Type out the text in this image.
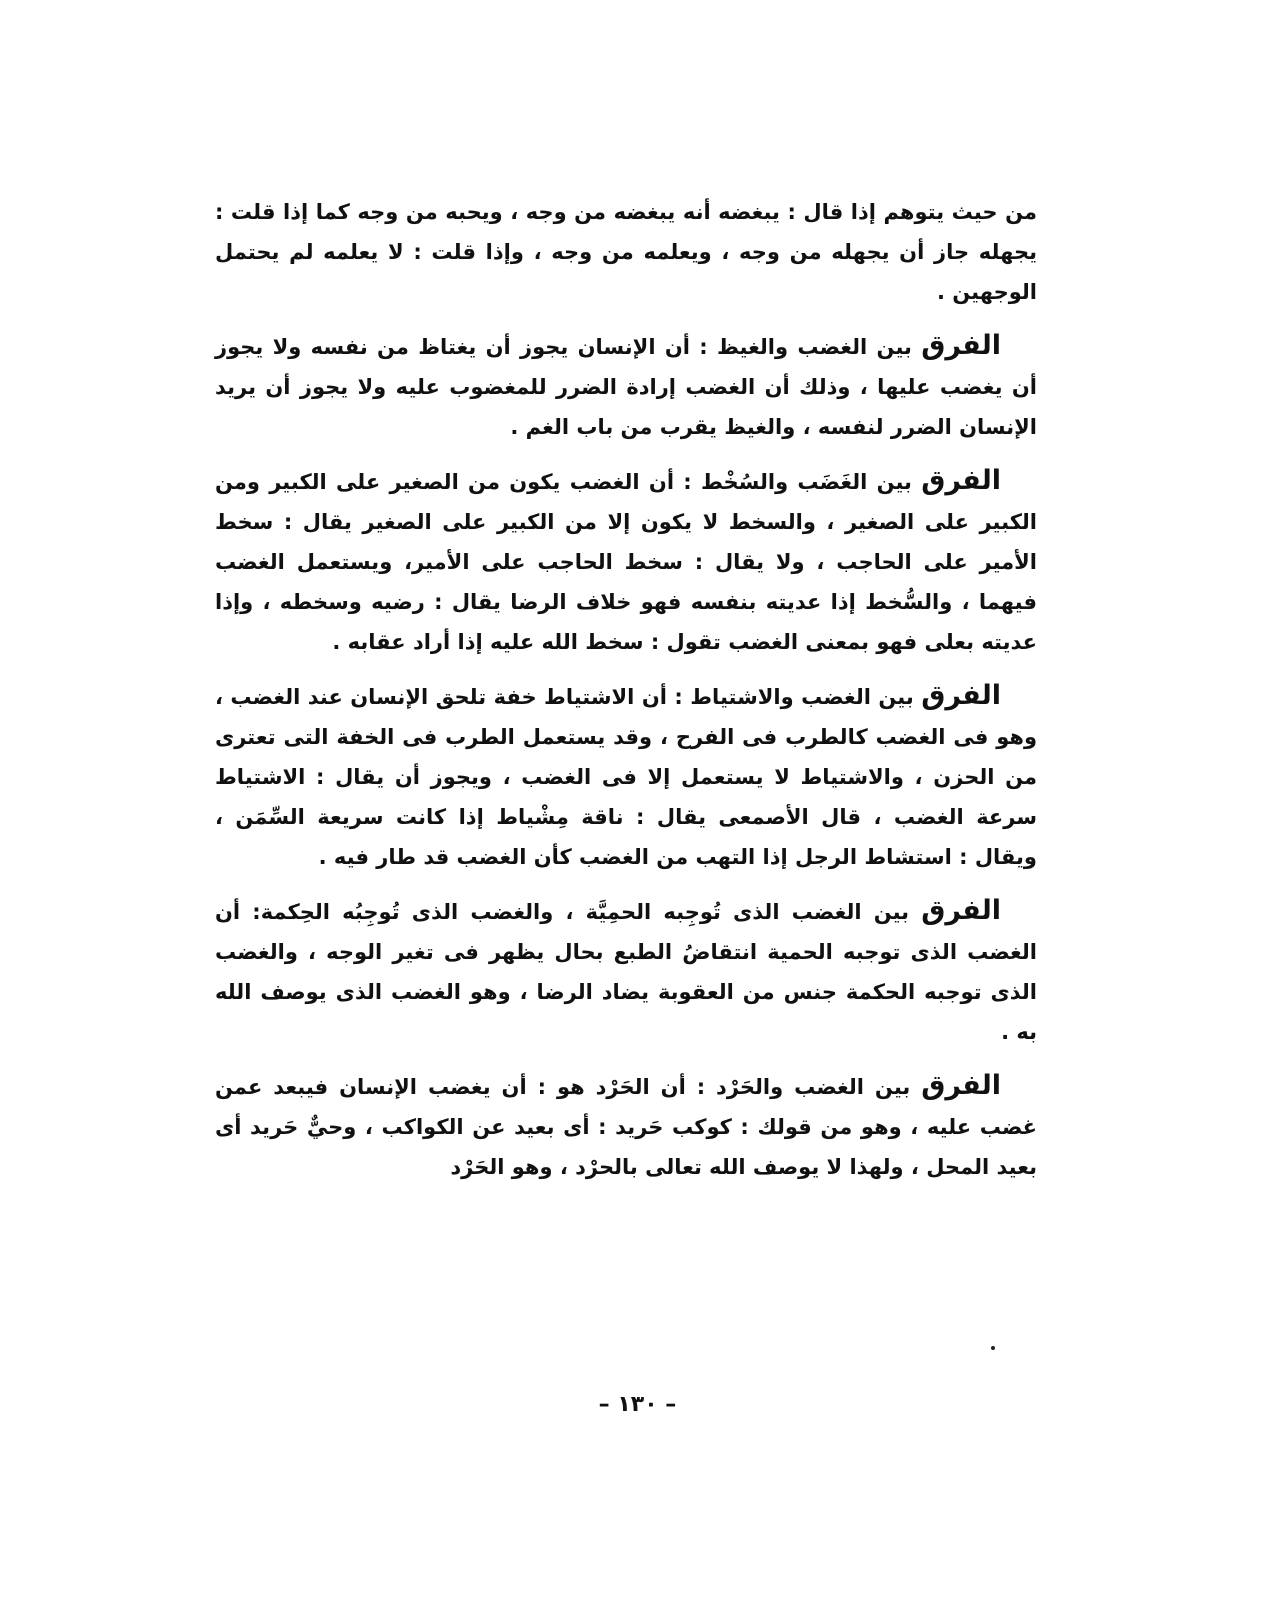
من حيث يتوهم إذا قال : يبغضه أنه يبغضه من وجه ، ويحبه من وجه كما إذا قلت : يجهله جاز أن يجهله من وجه ، ويعلمه من وجه ، وإذا قلت : لا يعلمه لم يحتمل الوجهين .

الفرق بين الغضب والغيظ : أن الإنسان يجوز أن يغتاظ من نفسه ولا يجوز أن يغضب عليها ، وذلك أن الغضب إرادة الضرر للمغضوب عليه ولا يجوز أن يريد الإنسان الضرر لنفسه ، والغيظ يقرب من باب الغم .

الفرق بين الغَضَب والسُخْط : أن الغضب يكون من الصغير على الكبير ومن الكبير على الصغير ، والسخط لا يكون إلا من الكبير على الصغير يقال : سخط الأمير على الحاجب ، ولا يقال : سخط الحاجب على الأمير، ويستعمل الغضب فيهما ، والسُّخط إذا عديته بنفسه فهو خلاف الرضا يقال : رضيه وسخطه ، وإذا عديته بعلى فهو بمعنى الغضب تقول : سخط الله عليه إذا أراد عقابه .

الفرق بين الغضب والاشتياط : أن الاشتياط خفة تلحق الإنسان عند الغضب ، وهو فى الغضب كالطرب فى الفرح ، وقد يستعمل الطرب فى الخفة التى تعترى من الحزن ، والاشتياط لا يستعمل إلا فى الغضب ، ويجوز أن يقال : الاشتياط سرعة الغضب ، قال الأصمعى يقال : ناقة مِشْياط إذا كانت سريعة السِّمَن ، ويقال : استشاط الرجل إذا التهب من الغضب كأن الغضب قد طار فيه .

الفرق بين الغضب الذى تُوجِبه الحمِيَّة ، والغضب الذى تُوجِبُه الحِكمة: أن الغضب الذى توجبه الحمية انتقاضُ الطبع بحال يظهر فى تغير الوجه ، والغضب الذى توجبه الحكمة جنس من العقوبة يضاد الرضا ، وهو الغضب الذى يوصف الله به .

الفرق بين الغضب والحَرْد : أن الحَرْد هو : أن يغضب الإنسان فيبعد عمن غضب عليه ، وهو من قولك : كوكب حَريد : أى بعيد عن الكواكب ، وحيٌّ حَريد أى بعيد المحل ، ولهذا لا يوصف الله تعالى بالحرْد ، وهو الحَرْد

– ١٣٠ –
